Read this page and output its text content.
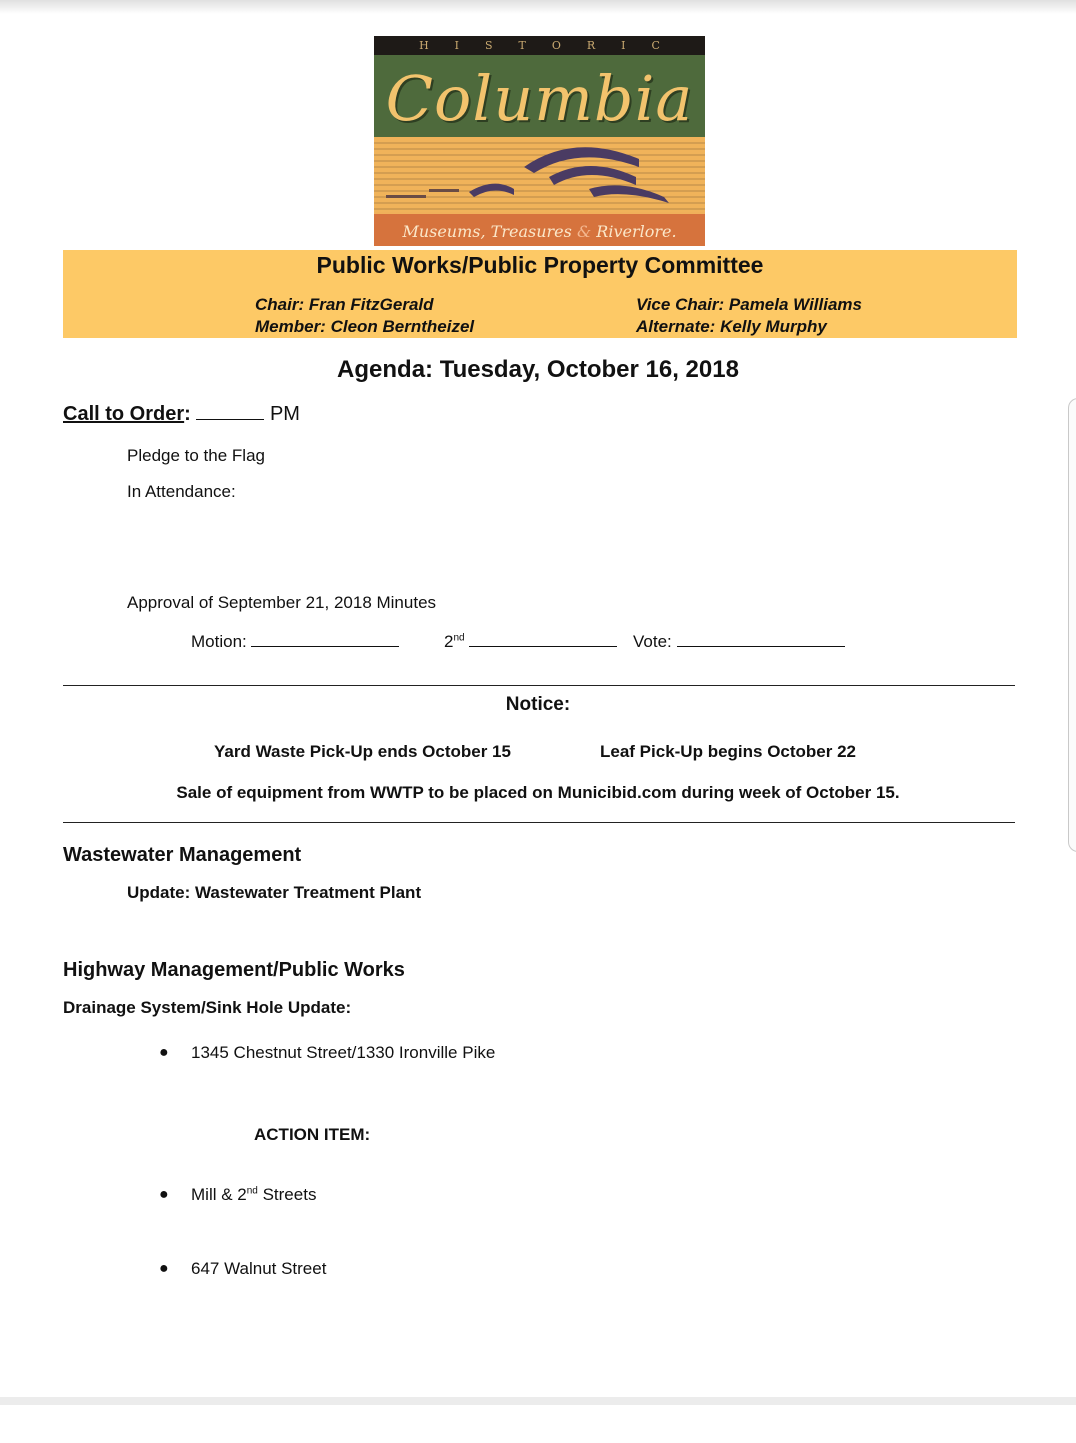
HISTORIC
Columbia
Museums, Treasures & Riverlore.
Public Works/Public Property Committee
Chair: Fran FitzGerald	Vice Chair: Pamela Williams
Member: Cleon Berntheizel	Alternate: Kelly Murphy
Agenda: Tuesday, October 16, 2018
Call to Order:	PM
Pledge to the Flag
In Attendance:
Approval of September 21, 2018 Minutes
Motion:	2nd	Vote:
Notice:
Yard Waste Pick-Up ends October 15	Leaf Pick-Up begins October 22
Sale of equipment from WWTP to be placed on Municibid.com during week of October 15.
Wastewater Management
Update: Wastewater Treatment Plant
Highway Management/Public Works
Drainage System/Sink Hole Update:
● 1345 Chestnut Street/1330 Ironville Pike
ACTION ITEM:
● Mill & 2nd Streets
● 647 Walnut Street
